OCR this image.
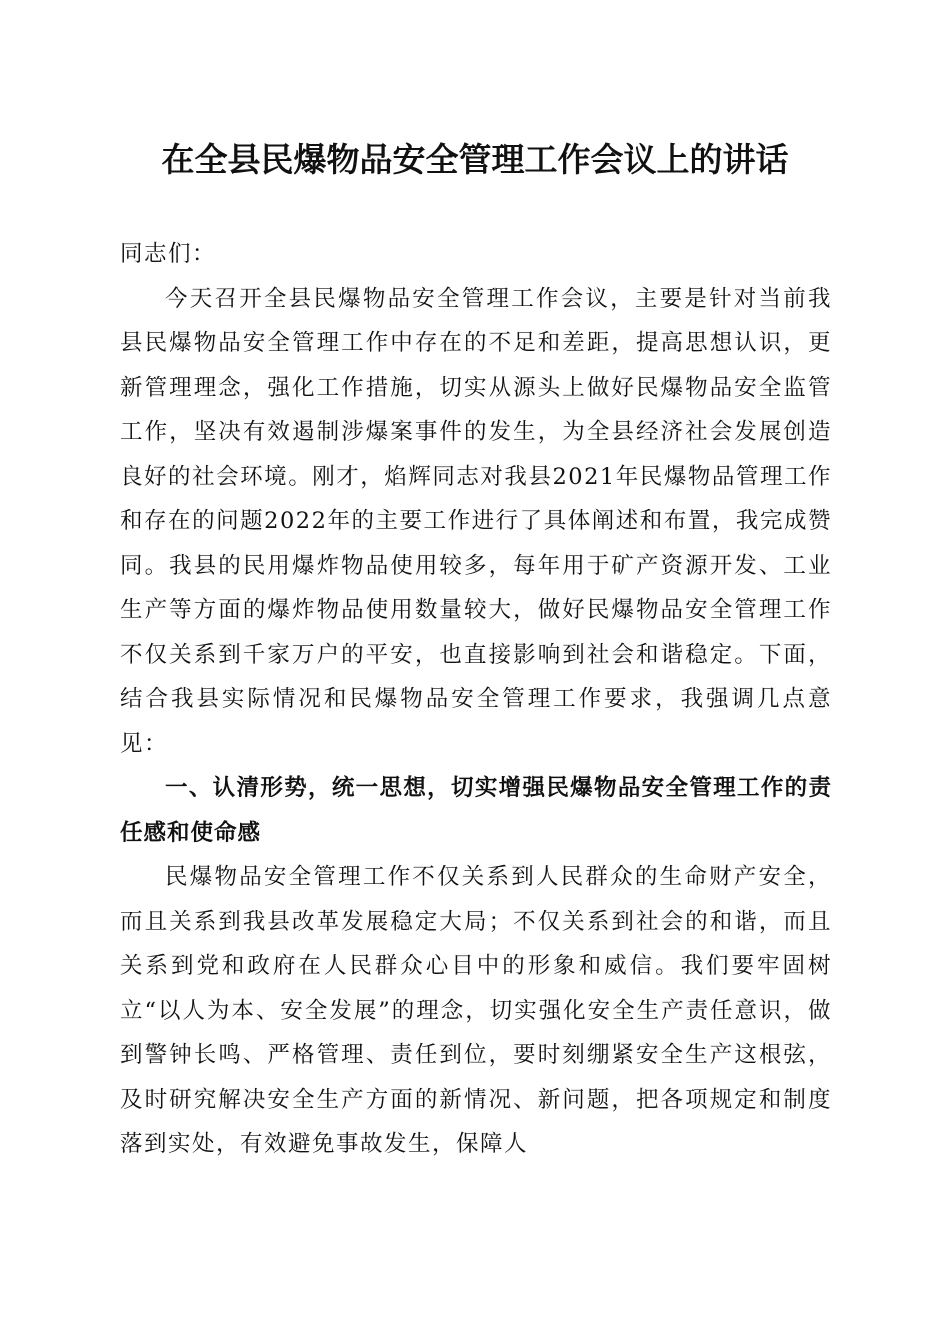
在全县民爆物品安全管理工作会议上的讲话

同志们：

今天召开全县民爆物品安全管理工作会议，主要是针对当前我县民爆物品安全管理工作中存在的不足和差距，提高思想认识，更新管理理念，强化工作措施，切实从源头上做好民爆物品安全监管工作，坚决有效遏制涉爆案事件的发生，为全县经济社会发展创造良好的社会环境。刚才，焰辉同志对我县2021年民爆物品管理工作和存在的问题2022年的主要工作进行了具体阐述和布置，我完成赞同。我县的民用爆炸物品使用较多，每年用于矿产资源开发、工业生产等方面的爆炸物品使用数量较大，做好民爆物品安全管理工作不仅关系到千家万户的平安，也直接影响到社会和谐稳定。下面，结合我县实际情况和民爆物品安全管理工作要求，我强调几点意见：

一、认清形势，统一思想，切实增强民爆物品安全管理工作的责任感和使命感

民爆物品安全管理工作不仅关系到人民群众的生命财产安全，而且关系到我县改革发展稳定大局；不仅关系到社会的和谐，而且关系到党和政府在人民群众心目中的形象和威信。我们要牢固树立“以人为本、安全发展”的理念，切实强化安全生产责任意识，做到警钟长鸣、严格管理、责任到位，要时刻绷紧安全生产这根弦，及时研究解决安全生产方面的新情况、新问题，把各项规定和制度落到实处，有效避免事故发生，保障人
